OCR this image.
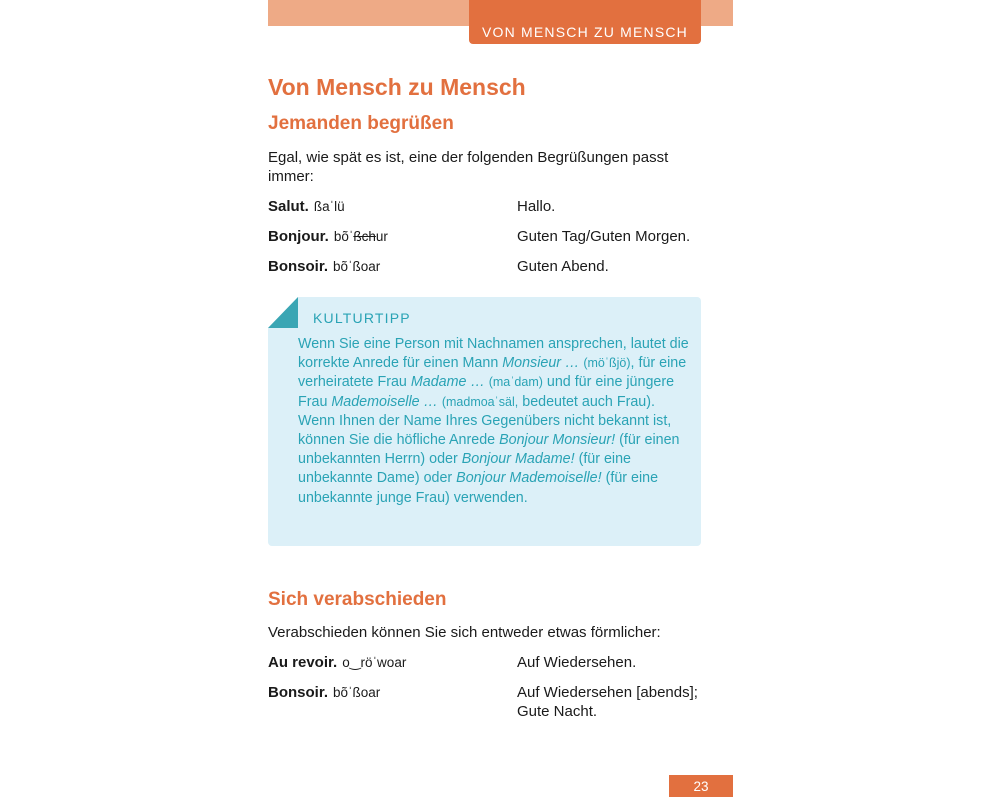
VON MENSCH ZU MENSCH
Von Mensch zu Mensch
Jemanden begrüßen

Egal, wie spät es ist, eine der folgenden Begrüßungen passt immer:

Salut. ßaˈlü	Hallo.
Bonjour. bõˈßchur	Guten Tag/Guten Morgen.
Bonsoir. bõˈßoar	Guten Abend.
KULTURTIPP

Wenn Sie eine Person mit Nachnamen ansprechen, lautet die korrekte Anrede für einen Mann Monsieur … (möˈßjö), für eine verheiratete Frau Madame … (maˈdam) und für eine jüngere Frau Mademoiselle … (madmoaˈsäl, bedeutet auch Frau).

Wenn Ihnen der Name Ihres Gegenübers nicht bekannt ist, können Sie die höfliche Anrede Bonjour Monsieur! (für einen unbekannten Herrn) oder Bonjour Madame! (für eine unbekannte Dame) oder Bonjour Mademoiselle! (für eine unbekannte junge Frau) verwenden.

Sich verabschieden

Verabschieden können Sie sich entweder etwas förmlicher:

Au revoir. o‿röˈwoar	Auf Wiedersehen.
Bonsoir. bõˈßoar	Auf Wiedersehen [abends]; Gute Nacht.
23
